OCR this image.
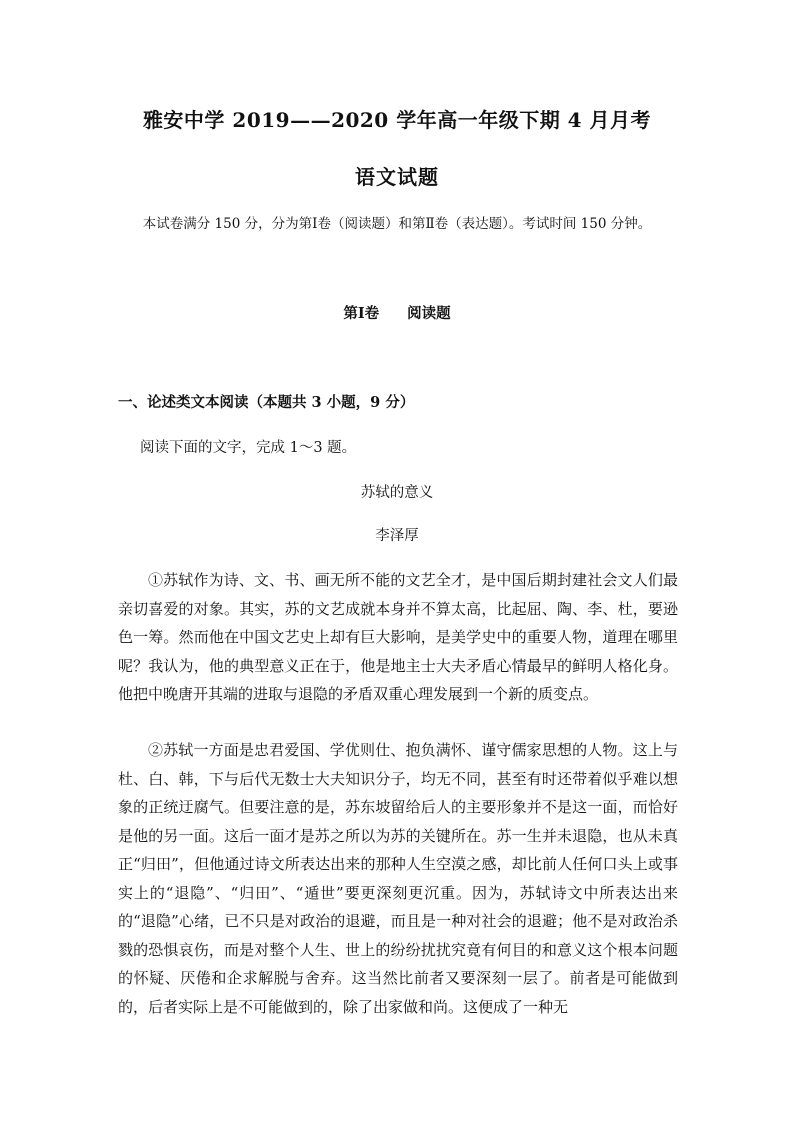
雅安中学 2019——2020 学年高一年级下期 4 月月考
语文试题
本试卷满分 150 分，分为第Ⅰ卷（阅读题）和第Ⅱ卷（表达题）。考试时间 150 分钟。
第Ⅰ卷 阅读题
一、论述类文本阅读（本题共 3 小题，9 分）
阅读下面的文字，完成 1～3 题。
苏轼的意义
李泽厚

①苏轼作为诗、文、书、画无所不能的文艺全才，是中国后期封建社会文人们最亲切喜爱的对象。其实，苏的文艺成就本身并不算太高，比起屈、陶、李、杜，要逊色一筹。然而他在中国文艺史上却有巨大影响，是美学史中的重要人物，道理在哪里呢？我认为，他的典型意义正在于，他是地主士大夫矛盾心情最早的鲜明人格化身。他把中晚唐开其端的进取与退隐的矛盾双重心理发展到一个新的质变点。

②苏轼一方面是忠君爱国、学优则仕、抱负满怀、谨守儒家思想的人物。这上与杜、白、韩，下与后代无数士大夫知识分子，均无不同，甚至有时还带着似乎难以想象的正统迂腐气。但要注意的是，苏东坡留给后人的主要形象并不是这一面，而恰好是他的另一面。这后一面才是苏之所以为苏的关键所在。苏一生并未退隐，也从未真正“归田”，但他通过诗文所表达出来的那种人生空漠之感，却比前人任何口头上或事实上的“退隐”、“归田”、“遁世”要更深刻更沉重。因为，苏轼诗文中所表达出来的“退隐”心绪，已不只是对政治的退避，而且是一种对社会的退避；他不是对政治杀戮的恐惧哀伤，而是对整个人生、世上的纷纷扰扰究竟有何目的和意义这个根本问题的怀疑、厌倦和企求解脱与舍弃。这当然比前者又要深刻一层了。前者是可能做到的，后者实际上是不可能做到的，除了出家做和尚。这便成了一种无
